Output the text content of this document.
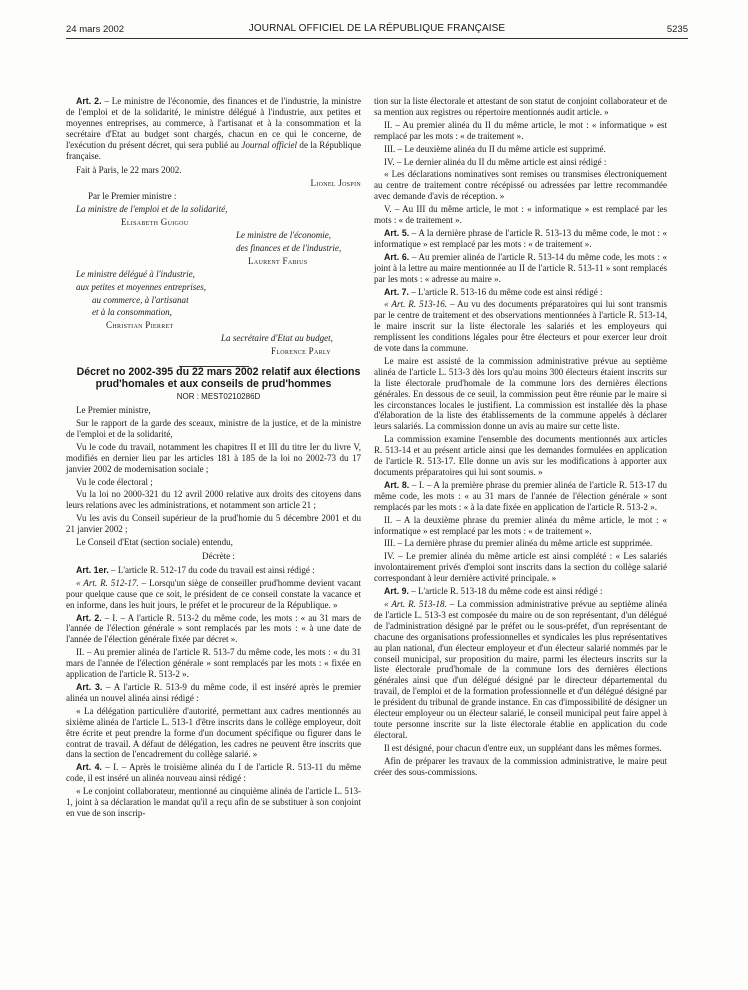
24 mars 2002	JOURNAL OFFICIEL DE LA RÉPUBLIQUE FRANÇAISE	5235

Art. 2. – Le ministre de l'économie, des finances et de l'industrie, la ministre de l'emploi et de la solidarité, le ministre délégué à l'industrie, aux petites et moyennes entreprises, au commerce, à l'artisanat et à la consommation et la secrétaire d'Etat au budget sont chargés, chacun en ce qui le concerne, de l'exécution du présent décret, qui sera publié au Journal officiel de la République française.

Fait à Paris, le 22 mars 2002.

Lionel Jospin

Par le Premier ministre :

La ministre de l'emploi et de la solidarité,

Elisabeth Guigou

Le ministre de l'économie,

des finances et de l'industrie,

Laurent Fabius

Le ministre délégué à l'industrie,

aux petites et moyennes entreprises,

au commerce, à l'artisanat

et à la consommation,

Christian Pierret

La secrétaire d'Etat au budget,

Florence Parly

Décret no 2002-395 du 22 mars 2002 relatif aux élections prud'homales et aux conseils de prud'hommes

NOR : MESТ0210286D

Le Premier ministre,

Sur le rapport de la garde des sceaux, ministre de la justice, et de la ministre de l'emploi et de la solidarité,

Vu le code du travail, notamment les chapitres II et III du titre Ier du livre V, modifiés en dernier lieu par les articles 181 à 185 de la loi no 2002-73 du 17 janvier 2002 de modernisation sociale ;

Vu le code électoral ;

Vu la loi no 2000-321 du 12 avril 2000 relative aux droits des citoyens dans leurs relations avec les administrations, et notamment son article 21 ;

Vu les avis du Conseil supérieur de la prud'homie du 5 décembre 2001 et du 21 janvier 2002 ;

Le Conseil d'Etat (section sociale) entendu,

Décrète :

Art. 1er. – L'article R. 512-17 du code du travail est ainsi rédigé :

« Art. R. 512-17. – Lorsqu'un siège de conseiller prud'homme devient vacant pour quelque cause que ce soit, le président de ce conseil constate la vacance et en informe, dans les huit jours, le préfet et le procureur de la République. »

Art. 2. – I. – A l'article R. 513-2 du même code, les mots : « au 31 mars de l'année de l'élection générale » sont remplacés par les mots : « à une date de l'année de l'élection générale fixée par décret ».

II. – Au premier alinéa de l'article R. 513-7 du même code, les mots : « du 31 mars de l'année de l'élection générale » sont remplacés par les mots : « fixée en application de l'article R. 513-2 ».

Art. 3. – A l'article R. 513-9 du même code, il est inséré après le premier alinéa un nouvel alinéa ainsi rédigé :

« La délégation particulière d'autorité, permettant aux cadres mentionnés au sixième alinéa de l'article L. 513-1 d'être inscrits dans le collège employeur, doit être écrite et peut prendre la forme d'un document spécifique ou figurer dans le contrat de travail. A défaut de délégation, les cadres ne peuvent être inscrits que dans la section de l'encadrement du collège salarié. »

Art. 4. – I. – Après le troisième alinéa du I de l'article R. 513-11 du même code, il est inséré un alinéa nouveau ainsi rédigé :

« Le conjoint collaborateur, mentionné au cinquième alinéa de l'article L. 513-1, joint à sa déclaration le mandat qu'il a reçu afin de se substituer à son conjoint en vue de son inscrip-

tion sur la liste électorale et attestant de son statut de conjoint collaborateur et de sa mention aux registres ou répertoire mentionnés audit article. »

II. – Au premier alinéa du II du même article, le mot : « informatique » est remplacé par les mots : « de traitement ».

III. – Le deuxième alinéa du II du même article est supprimé.

IV. – Le dernier alinéa du II du même article est ainsi rédigé :

« Les déclarations nominatives sont remises ou transmises électroniquement au centre de traitement contre récépissé ou adressées par lettre recommandée avec demande d'avis de réception. »

V. – Au III du même article, le mot : « informatique » est remplacé par les mots : « de traitement ».

Art. 5. – A la dernière phrase de l'article R. 513-13 du même code, le mot : « informatique » est remplacé par les mots : « de traitement ».

Art. 6. – Au premier alinéa de l'article R. 513-14 du même code, les mots : « joint à la lettre au maire mentionnée au II de l'article R. 513-11 » sont remplacés par les mots : « adresse au maire ».

Art. 7. – L'article R. 513-16 du même code est ainsi rédigé :

« Art. R. 513-16. – Au vu des documents préparatoires qui lui sont transmis par le centre de traitement et des observations mentionnées à l'article R. 513-14, le maire inscrit sur la liste électorale les salariés et les employeurs qui remplissent les conditions légales pour être électeurs et pour exercer leur droit de vote dans la commune.

Le maire est assisté de la commission administrative prévue au septième alinéa de l'article L. 513-3 dès lors qu'au moins 300 électeurs étaient inscrits sur la liste électorale prud'homale de la commune lors des dernières élections générales. En dessous de ce seuil, la commission peut être réunie par le maire si les circonstances locales le justifient. La commission est installée dès la phase d'élaboration de la liste des établissements de la commune appelés à déclarer leurs salariés. La commission donne un avis au maire sur cette liste.

La commission examine l'ensemble des documents mentionnés aux articles R. 513-14 et au présent article ainsi que les demandes formulées en application de l'article R. 513-17. Elle donne un avis sur les modifications à apporter aux documents préparatoires qui lui sont soumis. »

Art. 8. – I. – A la première phrase du premier alinéa de l'article R. 513-17 du même code, les mots : « au 31 mars de l'année de l'élection générale » sont remplacés par les mots : « à la date fixée en application de l'article R. 513-2 ».

II. – A la deuxième phrase du premier alinéa du même article, le mot : « informatique » est remplacé par les mots : « de traitement ».

III. – La dernière phrase du premier alinéa du même article est supprimée.

IV. – Le premier alinéa du même article est ainsi complété : « Les salariés involontairement privés d'emploi sont inscrits dans la section du collège salarié correspondant à leur dernière activité principale. »

Art. 9. – L'article R. 513-18 du même code est ainsi rédigé :

« Art. R. 513-18. – La commission administrative prévue au septième alinéa de l'article L. 513-3 est composée du maire ou de son représentant, d'un délégué de l'administration désigné par le préfet ou le sous-préfet, d'un représentant de chacune des organisations professionnelles et syndicales les plus représentatives au plan national, d'un électeur employeur et d'un électeur salarié nommés par le conseil municipal, sur proposition du maire, parmi les électeurs inscrits sur la liste électorale prud'homale de la commune lors des dernières élections générales ainsi que d'un délégué désigné par le directeur départemental du travail, de l'emploi et de la formation professionnelle et d'un délégué désigné par le président du tribunal de grande instance. En cas d'impossibilité de désigner un électeur employeur ou un électeur salarié, le conseil municipal peut faire appel à toute personne inscrite sur la liste électorale établie en application du code électoral.

Il est désigné, pour chacun d'entre eux, un suppléant dans les mêmes formes.

Afin de préparer les travaux de la commission administrative, le maire peut créer des sous-commissions.
